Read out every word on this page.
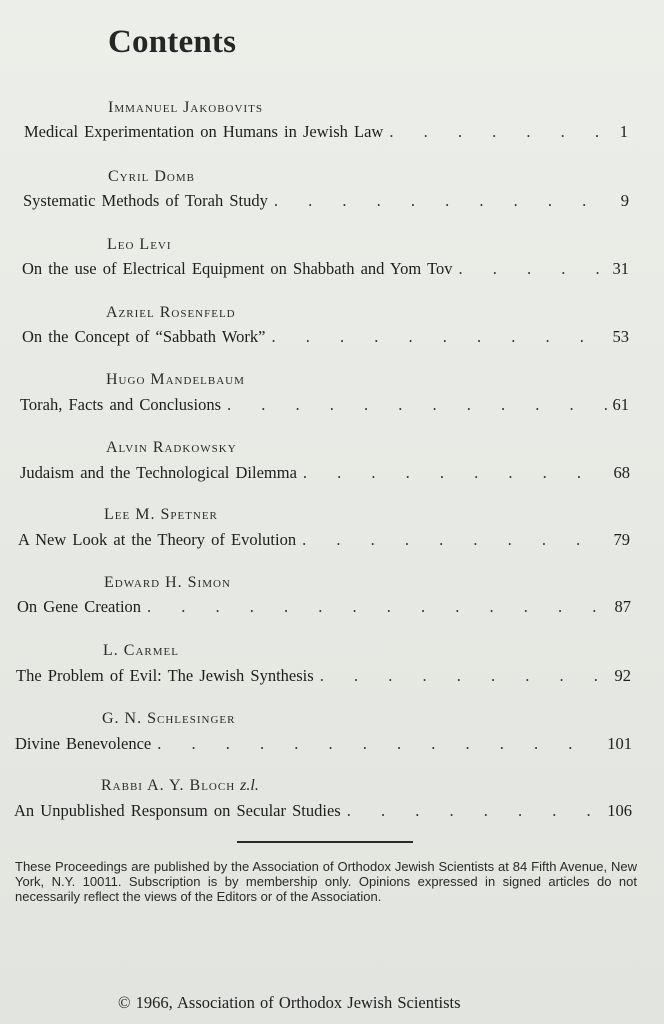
Contents
Immanuel Jakobovits
Medical Experimentation on Humans in Jewish Law . . .	1
Cyril Domb
Systematic Methods of Torah Study . . .	9
Leo Levi
On the use of Electrical Equipment on Shabbath and Yom Tov . . .	31
Azriel Rosenfeld
On the Concept of “Sabbath Work” . . .	53
Hugo Mandelbaum
Torah, Facts and Conclusions . . .	61
Alvin Radkowsky
Judaism and the Technological Dilemma . . .	68
Lee M. Spetner
A New Look at the Theory of Evolution . . .	79
Edward H. Simon
On Gene Creation . . .	87
L. Carmel
The Problem of Evil: The Jewish Synthesis . . .	92
G. N. Schlesinger
Divine Benevolence . . .	101
Rabbi A. Y. Bloch z.l.
An Unpublished Responsum on Secular Studies . . .	106
These Proceedings are published by the Association of Orthodox Jewish Scientists at 84 Fifth Avenue, New York, N.Y. 10011. Subscription is by membership only. Opinions expressed in signed articles do not necessarily reflect the views of the Editors or of the Association.
© 1966, Association of Orthodox Jewish Scientists
